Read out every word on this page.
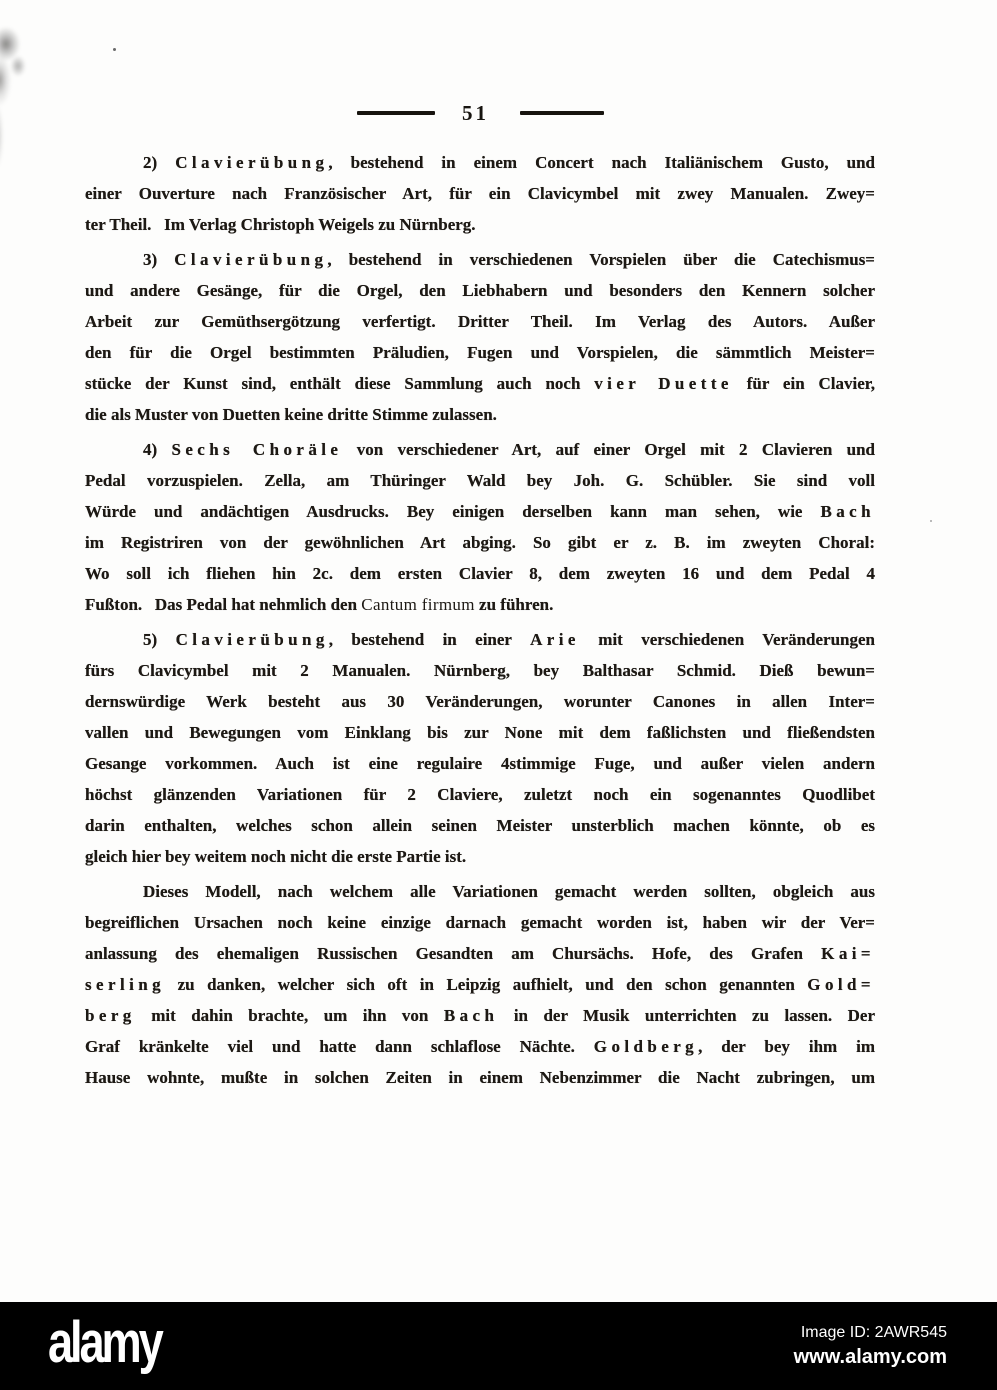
51
2) Clavierübung, bestehend in einem Concert nach Italiänischem Gusto, und
einer Ouverture nach Französischer Art, für ein Clavicymbel mit zwey Manualen. Zwey=
ter Theil.   Im Verlag Christoph Weigels zu Nürnberg.
3) Clavierübung, bestehend in verschiedenen Vorspielen über die Catechismus=
und andere Gesänge, für die Orgel, den Liebhabern und besonders den Kennern solcher
Arbeit zur Gemüthsergötzung verfertigt. Dritter Theil. Im Verlag des Autors. Außer
den für die Orgel bestimmten Präludien, Fugen und Vorspielen, die sämmtlich Meister=
stücke der Kunst sind, enthält diese Sammlung auch noch vier Duette für ein Clavier,
die als Muster von Duetten keine dritte Stimme zulassen.
4) Sechs Choräle von verschiedener Art, auf einer Orgel mit 2 Clavieren und
Pedal vorzuspielen. Zella, am Thüringer Wald bey Joh. G. Schübler. Sie sind voll
Würde und andächtigen Ausdrucks. Bey einigen derselben kann man sehen, wie Bach
im Registriren von der gewöhnlichen Art abging. So gibt er z. B. im zweyten Choral:
Wo soll ich fliehen hin 2c. dem ersten Clavier 8, dem zweyten 16 und dem Pedal 4
Fußton.   Das Pedal hat nehmlich den Cantum firmum zu führen.
5) Clavierübung, bestehend in einer Arie mit verschiedenen Veränderungen
fürs Clavicymbel mit 2 Manualen. Nürnberg, bey Balthasar Schmid. Dieß bewun=
dernswürdige Werk besteht aus 30 Veränderungen, worunter Canones in allen Inter=
vallen und Bewegungen vom Einklang bis zur None mit dem faßlichsten und fließendsten
Gesange vorkommen. Auch ist eine regulaire 4stimmige Fuge, und außer vielen andern
höchst glänzenden Variationen für 2 Claviere, zuletzt noch ein sogenanntes Quodlibet
darin enthalten, welches schon allein seinen Meister unsterblich machen könnte, ob es
gleich hier bey weitem noch nicht die erste Partie ist.
Dieses Modell, nach welchem alle Variationen gemacht werden sollten, obgleich aus
begreiflichen Ursachen noch keine einzige darnach gemacht worden ist, haben wir der Ver=
anlassung des ehemaligen Russischen Gesandten am Chursächs. Hofe, des Grafen Kai=
serling zu danken, welcher sich oft in Leipzig aufhielt, und den schon genannten Gold=
berg mit dahin brachte, um ihn von Bach in der Musik unterrichten zu lassen. Der
Graf kränkelte viel und hatte dann schlaflose Nächte. Goldberg, der bey ihm im
Hause wohnte, mußte in solchen Zeiten in einem Nebenzimmer die Nacht zubringen, um
alamy	Image ID: 2AWR545
www.alamy.com
